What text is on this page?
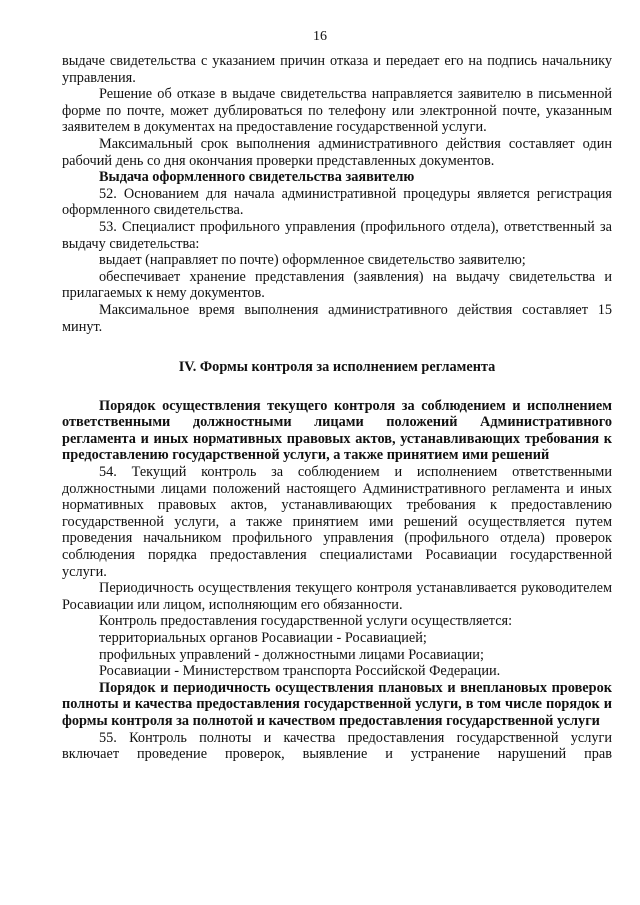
16

выдаче свидетельства с указанием причин отказа и передает его на подпись начальнику управления.

Решение об отказе в выдаче свидетельства направляется заявителю в письменной форме по почте, может дублироваться по телефону или электронной почте, указанным заявителем в документах на предоставление государственной услуги.

Максимальный срок выполнения административного действия составляет один рабочий день со дня окончания проверки представленных документов.

Выдача оформленного свидетельства заявителю

52. Основанием для начала административной процедуры является регистрация оформленного свидетельства.

53. Специалист профильного управления (профильного отдела), ответственный за выдачу свидетельства:

выдает (направляет по почте) оформленное свидетельство заявителю;

обеспечивает хранение представления (заявления) на выдачу свидетельства и прилагаемых к нему документов.

Максимальное время выполнения административного действия составляет 15 минут.

IV. Формы контроля за исполнением регламента

Порядок осуществления текущего контроля за соблюдением и исполнением ответственными должностными лицами положений Административного регламента и иных нормативных правовых актов, устанавливающих требования к предоставлению государственной услуги, а также принятием ими решений

54. Текущий контроль за соблюдением и исполнением ответственными должностными лицами положений настоящего Административного регламента и иных нормативных правовых актов, устанавливающих требования к предоставлению государственной услуги, а также принятием ими решений осуществляется путем проведения начальником профильного управления (профильного отдела) проверок соблюдения порядка предоставления специалистами Росавиации государственной услуги.

Периодичность осуществления текущего контроля устанавливается руководителем Росавиации или лицом, исполняющим его обязанности.

Контроль предоставления государственной услуги осуществляется:

территориальных органов Росавиации - Росавиацией;

профильных управлений - должностными лицами Росавиации;

Росавиации - Министерством транспорта Российской Федерации.

Порядок и периодичность осуществления плановых и внеплановых проверок полноты и качества предоставления государственной услуги, в том числе порядок и формы контроля за полнотой и качеством предоставления государственной услуги

55. Контроль полноты и качества предоставления государственной услуги включает проведение проверок, выявление и устранение нарушений прав
